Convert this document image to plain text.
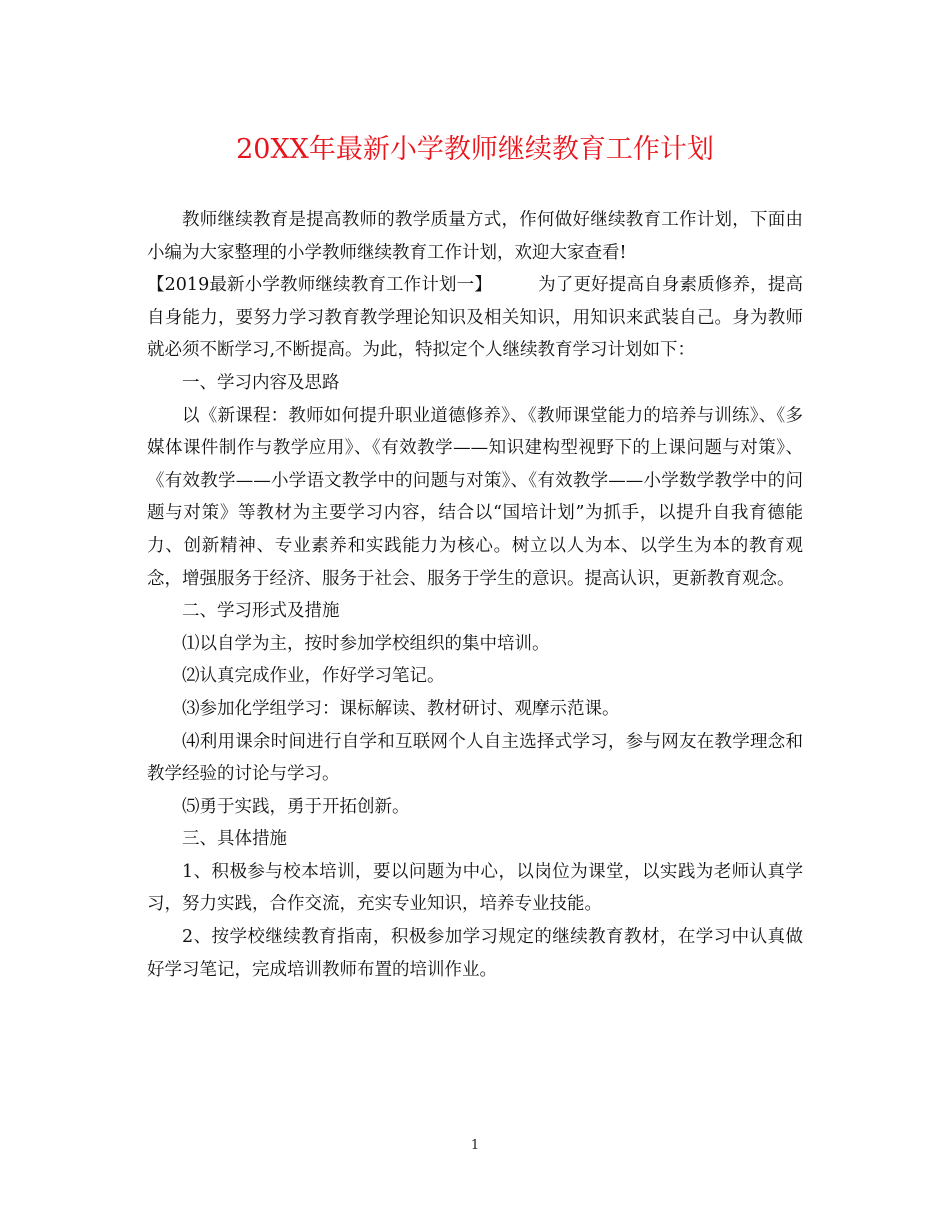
20XX年最新小学教师继续教育工作计划

教师继续教育是提高教师的教学质量方式，作何做好继续教育工作计划，下面由小编为大家整理的小学教师继续教育工作计划，欢迎大家查看!

【2019最新小学教师继续教育工作计划一】	为了更好提高自身素质修养，提高自身能力，要努力学习教育教学理论知识及相关知识，用知识来武装自己。身为教师就必须不断学习,不断提高。为此，特拟定个人继续教育学习计划如下：

一、学习内容及思路

以《新课程：教师如何提升职业道德修养》、《教师课堂能力的培养与训练》、《多媒体课件制作与教学应用》、《有效教学——知识建构型视野下的上课问题与对策》、《有效教学——小学语文教学中的问题与对策》、《有效教学——小学数学教学中的问题与对策》等教材为主要学习内容，结合以“国培计划”为抓手，以提升自我育德能力、创新精神、专业素养和实践能力为核心。树立以人为本、以学生为本的教育观念，增强服务于经济、服务于社会、服务于学生的意识。提高认识，更新教育观念。

二、学习形式及措施

⑴以自学为主，按时参加学校组织的集中培训。

⑵认真完成作业，作好学习笔记。

⑶参加化学组学习：课标解读、教材研讨、观摩示范课。

⑷利用课余时间进行自学和互联网个人自主选择式学习，参与网友在教学理念和教学经验的讨论与学习。

⑸勇于实践，勇于开拓创新。

三、具体措施

1、积极参与校本培训，要以问题为中心，以岗位为课堂，以实践为老师认真学习，努力实践，合作交流，充实专业知识，培养专业技能。

2、按学校继续教育指南，积极参加学习规定的继续教育教材，在学习中认真做好学习笔记，完成培训教师布置的培训作业。

1
